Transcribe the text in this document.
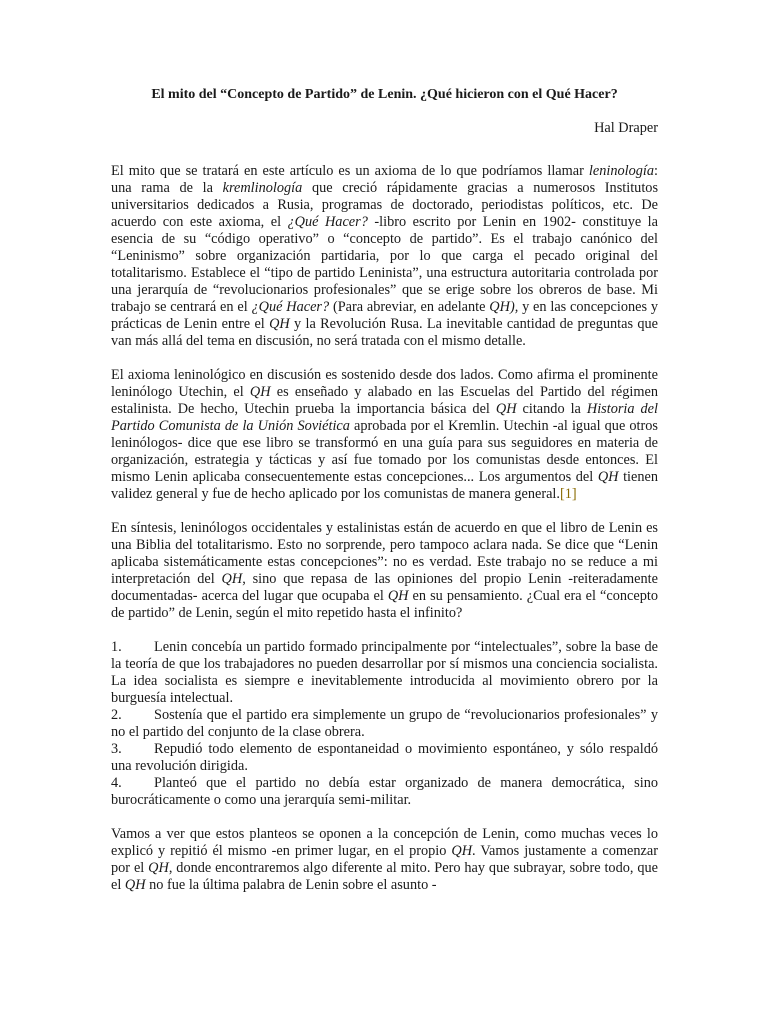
El mito del “Concepto de Partido” de Lenin. ¿Qué hicieron con el Qué Hacer?

Hal Draper

El mito que se tratará en este artículo es un axioma de lo que podríamos llamar leninología: una rama de la kremlinología que creció rápidamente gracias a numerosos Institutos universitarios dedicados a Rusia, programas de doctorado, periodistas políticos, etc. De acuerdo con este axioma, el ¿Qué Hacer? -libro escrito por Lenin en 1902- constituye la esencia de su “código operativo” o “concepto de partido”. Es el trabajo canónico del “Leninismo” sobre organización partidaria, por lo que carga el pecado original del totalitarismo. Establece el “tipo de partido Leninista”, una estructura autoritaria controlada por una jerarquía de “revolucionarios profesionales” que se erige sobre los obreros de base. Mi trabajo se centrará en el ¿Qué Hacer? (Para abreviar, en adelante QH), y en las concepciones y prácticas de Lenin entre el QH y la Revolución Rusa. La inevitable cantidad de preguntas que van más allá del tema en discusión, no será tratada con el mismo detalle.

El axioma leninológico en discusión es sostenido desde dos lados. Como afirma el prominente leninólogo Utechin, el QH es enseñado y alabado en las Escuelas del Partido del régimen estalinista. De hecho, Utechin prueba la importancia básica del QH citando la Historia del Partido Comunista de la Unión Soviética aprobada por el Kremlin. Utechin -al igual que otros leninólogos- dice que ese libro se transformó en una guía para sus seguidores en materia de organización, estrategia y tácticas y así fue tomado por los comunistas desde entonces. El mismo Lenin aplicaba consecuentemente estas concepciones... Los argumentos del QH tienen validez general y fue de hecho aplicado por los comunistas de manera general.[1]

En síntesis, leninólogos occidentales y estalinistas están de acuerdo en que el libro de Lenin es una Biblia del totalitarismo. Esto no sorprende, pero tampoco aclara nada. Se dice que “Lenin aplicaba sistemáticamente estas concepciones”: no es verdad. Este trabajo no se reduce a mi interpretación del QH, sino que repasa de las opiniones del propio Lenin -reiteradamente documentadas- acerca del lugar que ocupaba el QH en su pensamiento. ¿Cual era el “concepto de partido” de Lenin, según el mito repetido hasta el infinito?

1.	Lenin concebía un partido formado principalmente por “intelectuales”, sobre la base de la teoría de que los trabajadores no pueden desarrollar por sí mismos una conciencia socialista. La idea socialista es siempre e inevitablemente introducida al movimiento obrero por la burguesía intelectual.
2.	Sostenía que el partido era simplemente un grupo de “revolucionarios profesionales” y no el partido del conjunto de la clase obrera.
3.	Repudió todo elemento de espontaneidad o movimiento espontáneo, y sólo respaldó una revolución dirigida.
4.	Planteó que el partido no debía estar organizado de manera democrática, sino burocráticamente o como una jerarquía semi-militar.

Vamos a ver que estos planteos se oponen a la concepción de Lenin, como muchas veces lo explicó y repitió él mismo -en primer lugar, en el propio QH. Vamos justamente a comenzar por el QH, donde encontraremos algo diferente al mito. Pero hay que subrayar, sobre todo, que el QH no fue la última palabra de Lenin sobre el asunto -
